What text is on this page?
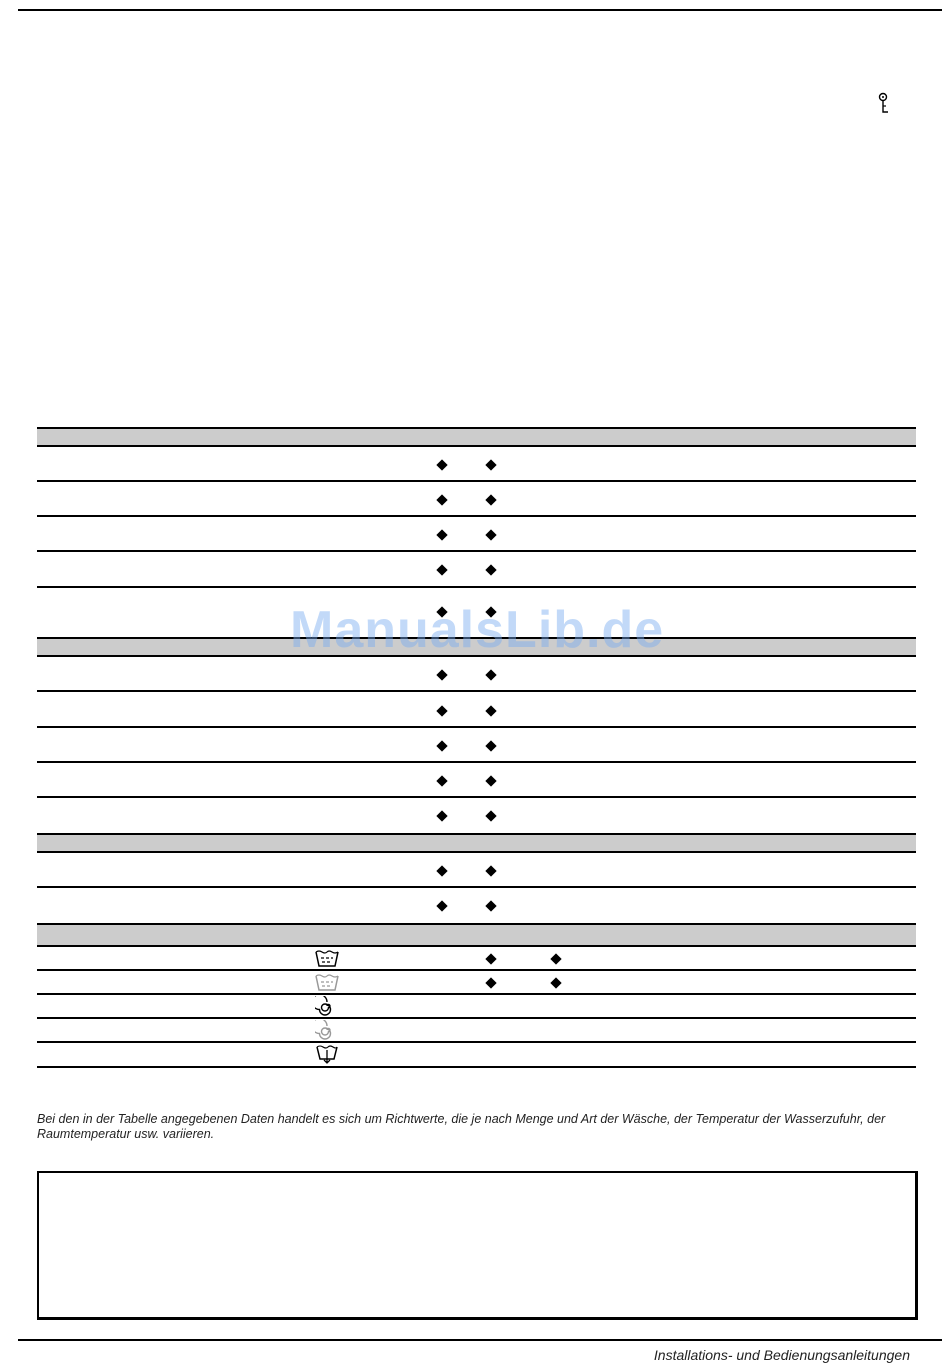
ManualsLib.de
Bei den in der Tabelle angegebenen Daten handelt es sich um Richtwerte, die je nach Menge und Art der Wäsche, der Temperatur der Wasserzufuhr, der Raumtemperatur usw. variieren.
Installations- und Bedienungsanleitungen
